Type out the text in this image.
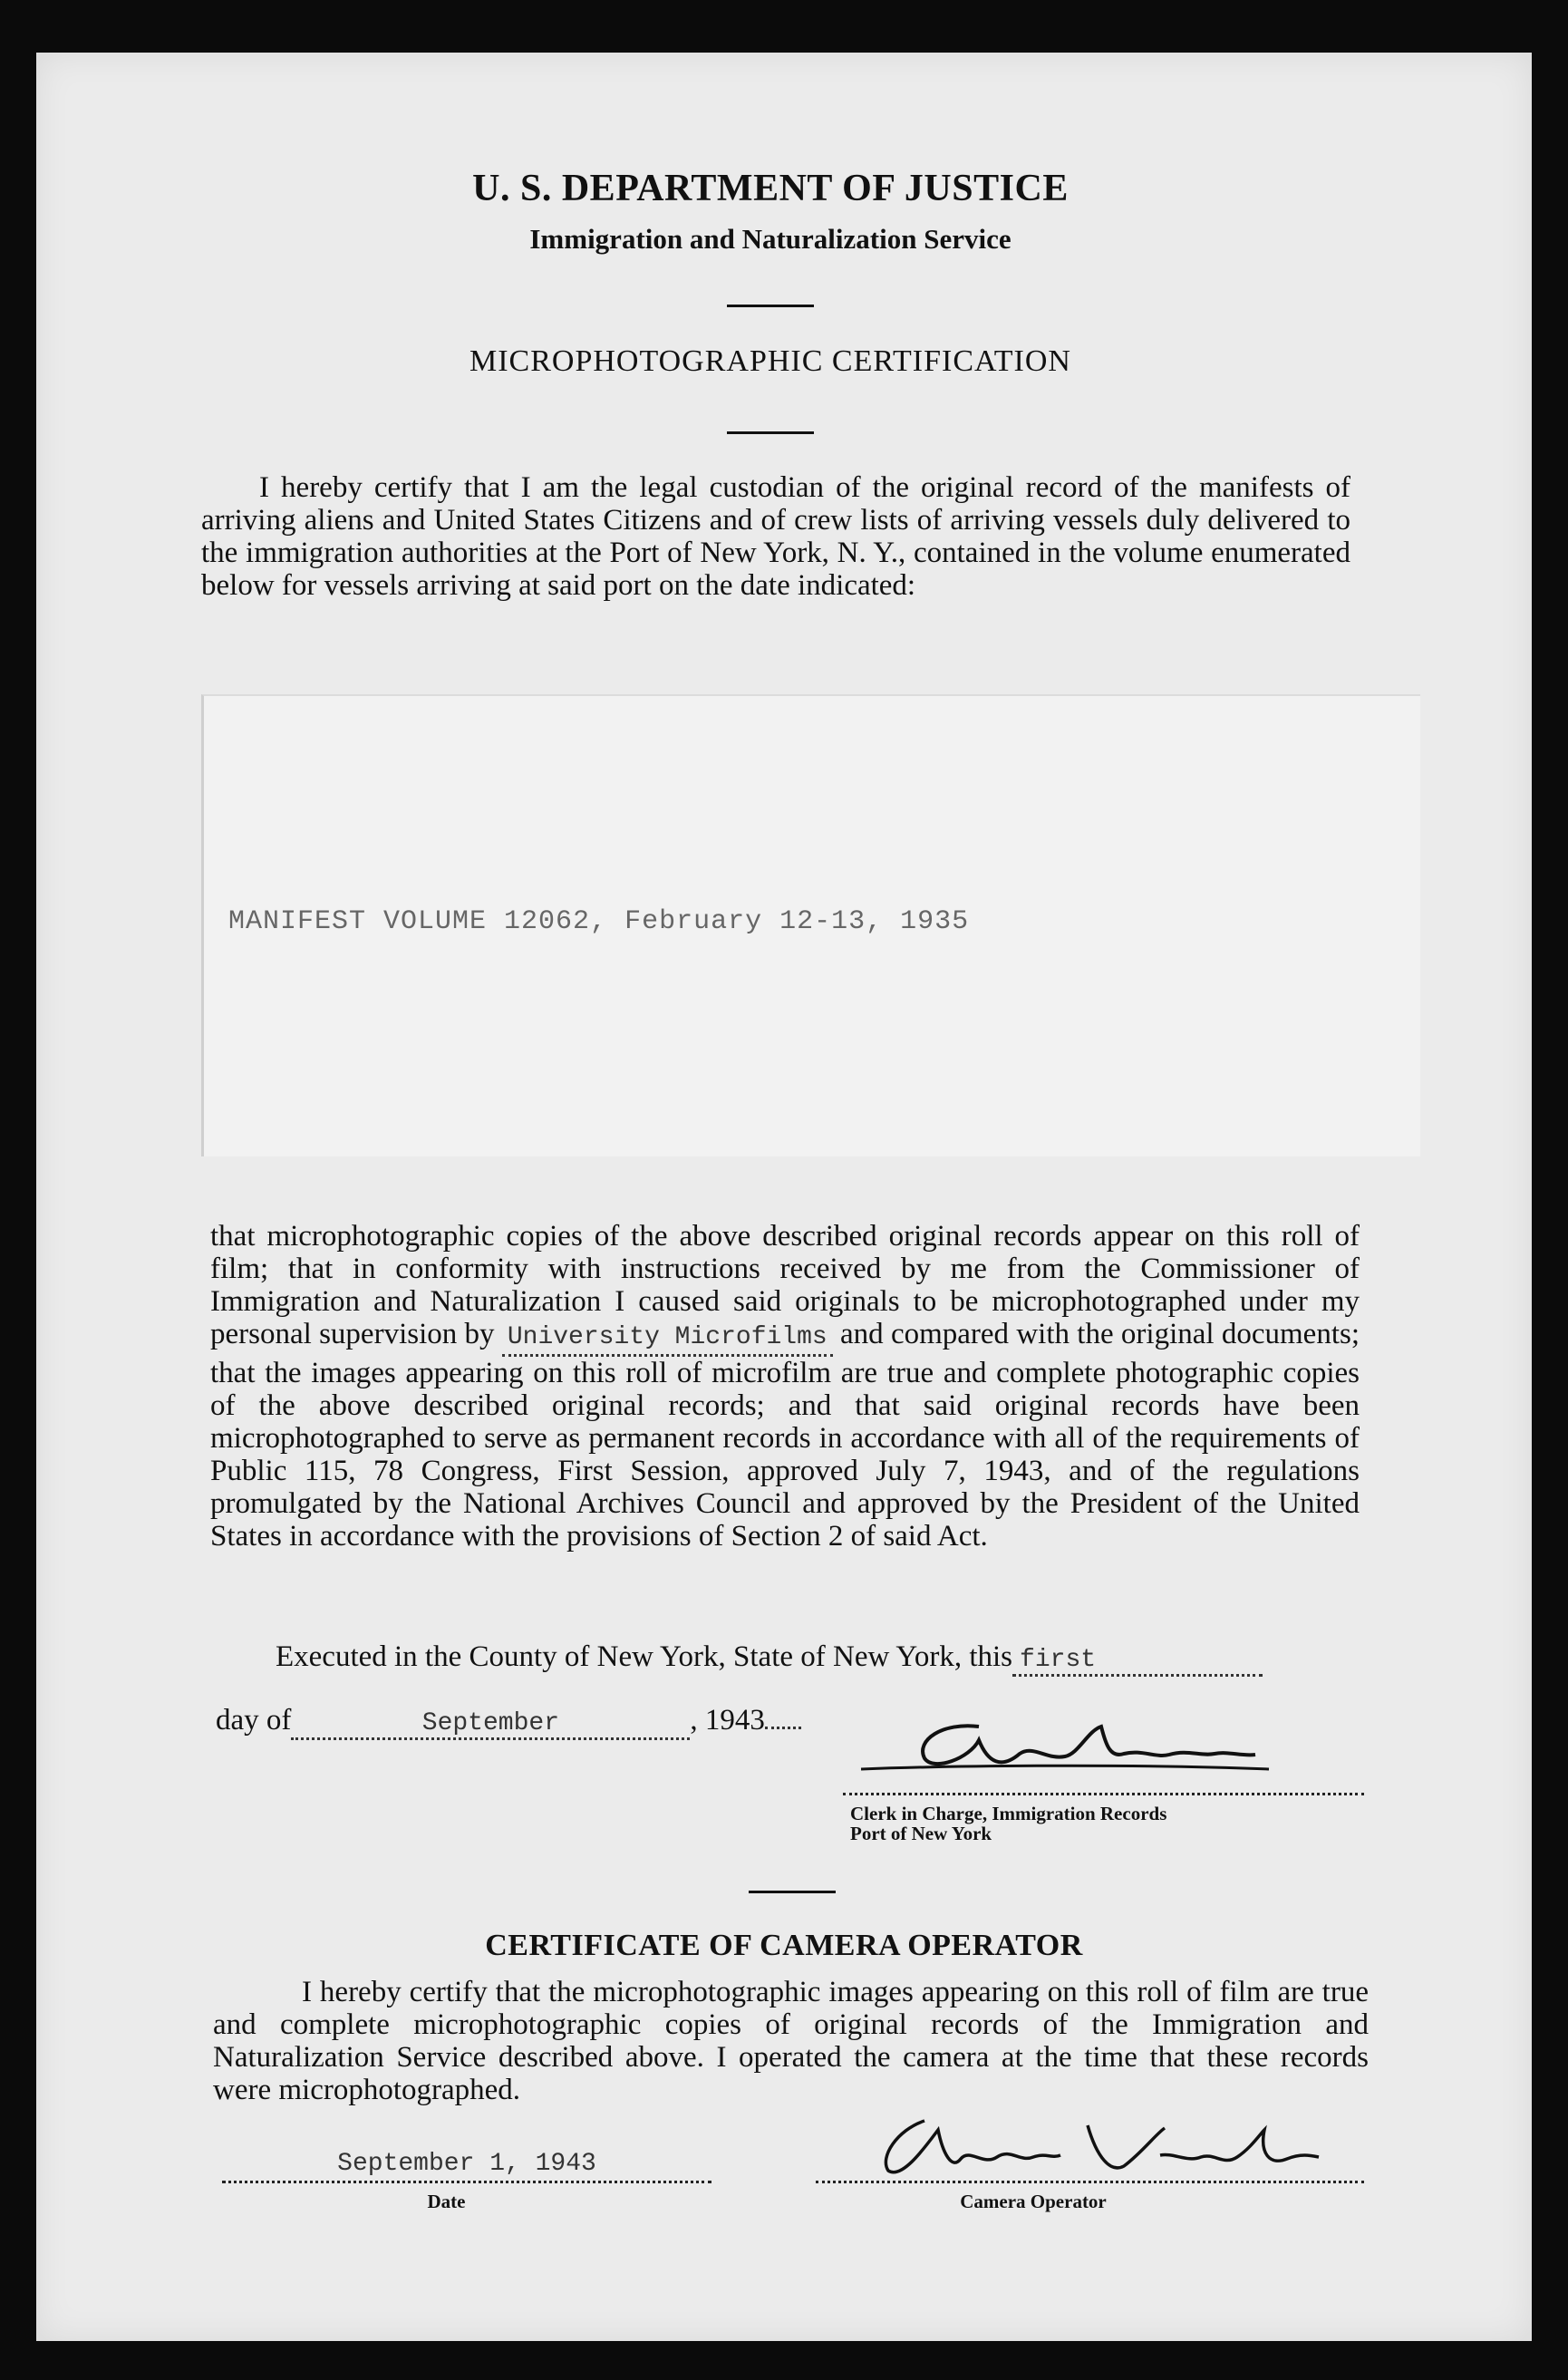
U. S. DEPARTMENT OF JUSTICE
Immigration and Naturalization Service
MICROPHOTOGRAPHIC CERTIFICATION
I hereby certify that I am the legal custodian of the original record of the manifests of arriving aliens and United States Citizens and of crew lists of arriving vessels duly delivered to the immigration authorities at the Port of New York, N. Y., contained in the volume enumerated below for vessels arriving at said port on the date indicated:
MANIFEST VOLUME 12062, February 12-13, 1935
that microphotographic copies of the above described original records appear on this roll of film; that in conformity with instructions received by me from the Commissioner of Immigration and Naturalization I caused said originals to be microphotographed under my personal supervision by University Microfilms and compared with the original documents; that the images appearing on this roll of microfilm are true and complete photographic copies of the above described original records; and that said original records have been microphotographed to serve as permanent records in accordance with all of the requirements of Public 115, 78 Congress, First Session, approved July 7, 1943, and of the regulations promulgated by the National Archives Council and approved by the President of the United States in accordance with the provisions of Section 2 of said Act.
Executed in the County of New York, State of New York, this first
day of	September	, 1943
Clerk in Charge, Immigration Records
Port of New York
CERTIFICATE OF CAMERA OPERATOR
I hereby certify that the microphotographic images appearing on this roll of film are true and complete microphotographic copies of original records of the Immigration and Naturalization Service described above. I operated the camera at the time that these records were microphotographed.
September 1, 1943
Date	Camera Operator
